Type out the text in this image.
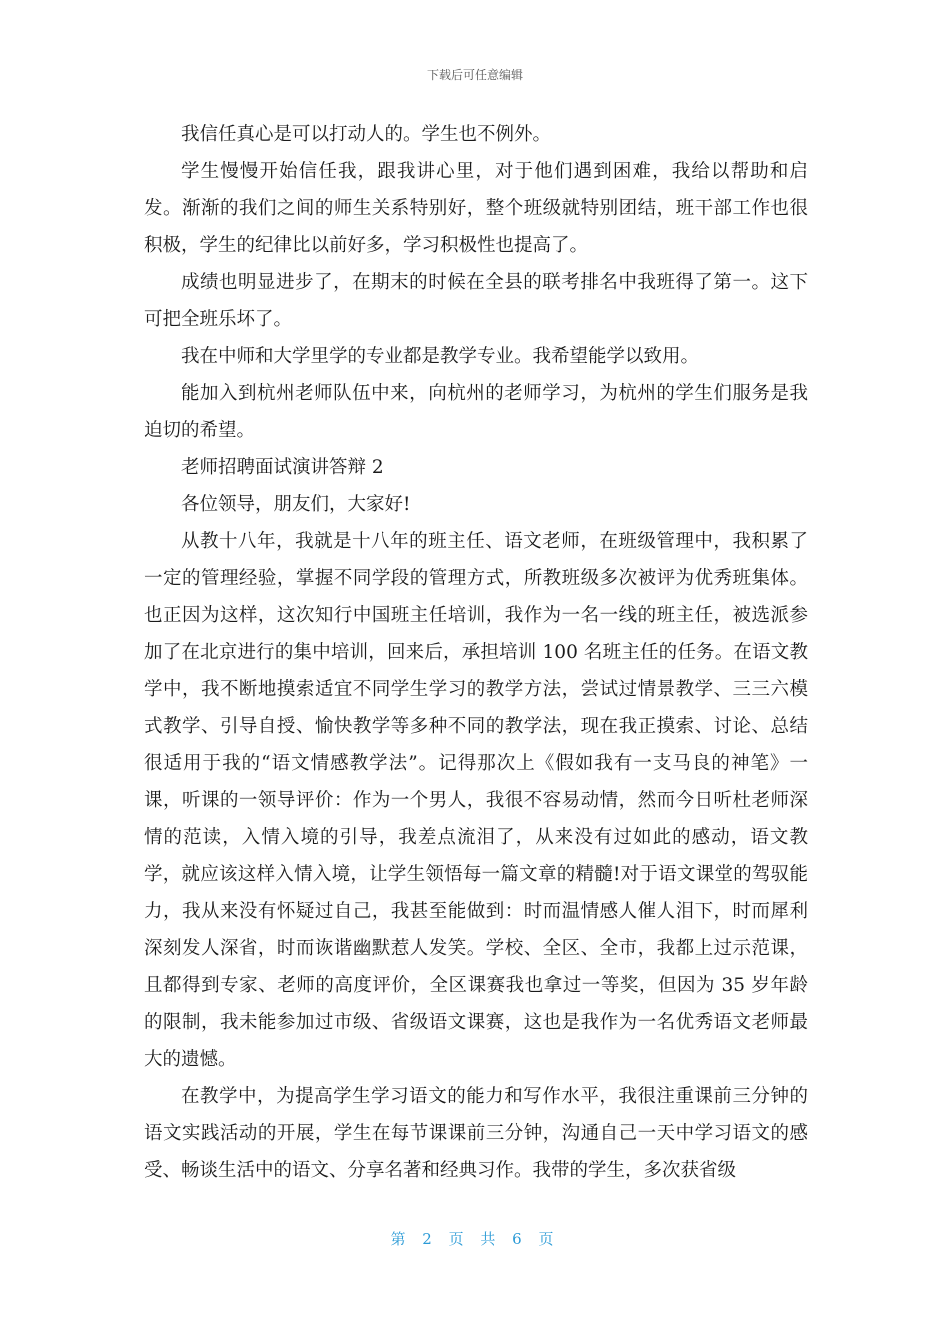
下载后可任意编辑

我信任真心是可以打动人的。学生也不例外。

学生慢慢开始信任我，跟我讲心里，对于他们遇到困难，我给以帮助和启发。渐渐的我们之间的师生关系特别好，整个班级就特别团结，班干部工作也很积极，学生的纪律比以前好多，学习积极性也提高了。

成绩也明显进步了，在期末的时候在全县的联考排名中我班得了第一。这下可把全班乐坏了。

我在中师和大学里学的专业都是教学专业。我希望能学以致用。

能加入到杭州老师队伍中来，向杭州的老师学习，为杭州的学生们服务是我迫切的希望。

老师招聘面试演讲答辩 2

各位领导，朋友们，大家好!

从教十八年，我就是十八年的班主任、语文老师，在班级管理中，我积累了一定的管理经验，掌握不同学段的管理方式，所教班级多次被评为优秀班集体。也正因为这样，这次知行中国班主任培训，我作为一名一线的班主任，被选派参加了在北京进行的集中培训，回来后，承担培训 100 名班主任的任务。在语文教学中，我不断地摸索适宜不同学生学习的教学方法，尝试过情景教学、三三六模式教学、引导自授、愉快教学等多种不同的教学法，现在我正摸索、讨论、总结很适用于我的“语文情感教学法”。记得那次上《假如我有一支马良的神笔》一课，听课的一领导评价：作为一个男人，我很不容易动情，然而今日听杜老师深情的范读，入情入境的引导，我差点流泪了，从来没有过如此的感动，语文教学，就应该这样入情入境，让学生领悟每一篇文章的精髓!对于语文课堂的驾驭能力，我从来没有怀疑过自己，我甚至能做到：时而温情感人催人泪下，时而犀利深刻发人深省，时而诙谐幽默惹人发笑。学校、全区、全市，我都上过示范课，且都得到专家、老师的高度评价，全区课赛我也拿过一等奖，但因为 35 岁年龄的限制，我未能参加过市级、省级语文课赛，这也是我作为一名优秀语文老师最大的遗憾。

在教学中，为提高学生学习语文的能力和写作水平，我很注重课前三分钟的语文实践活动的开展，学生在每节课课前三分钟，沟通自己一天中学习语文的感受、畅谈生活中的语文、分享名著和经典习作。我带的学生，多次获省级

第 2 页 共 6 页
